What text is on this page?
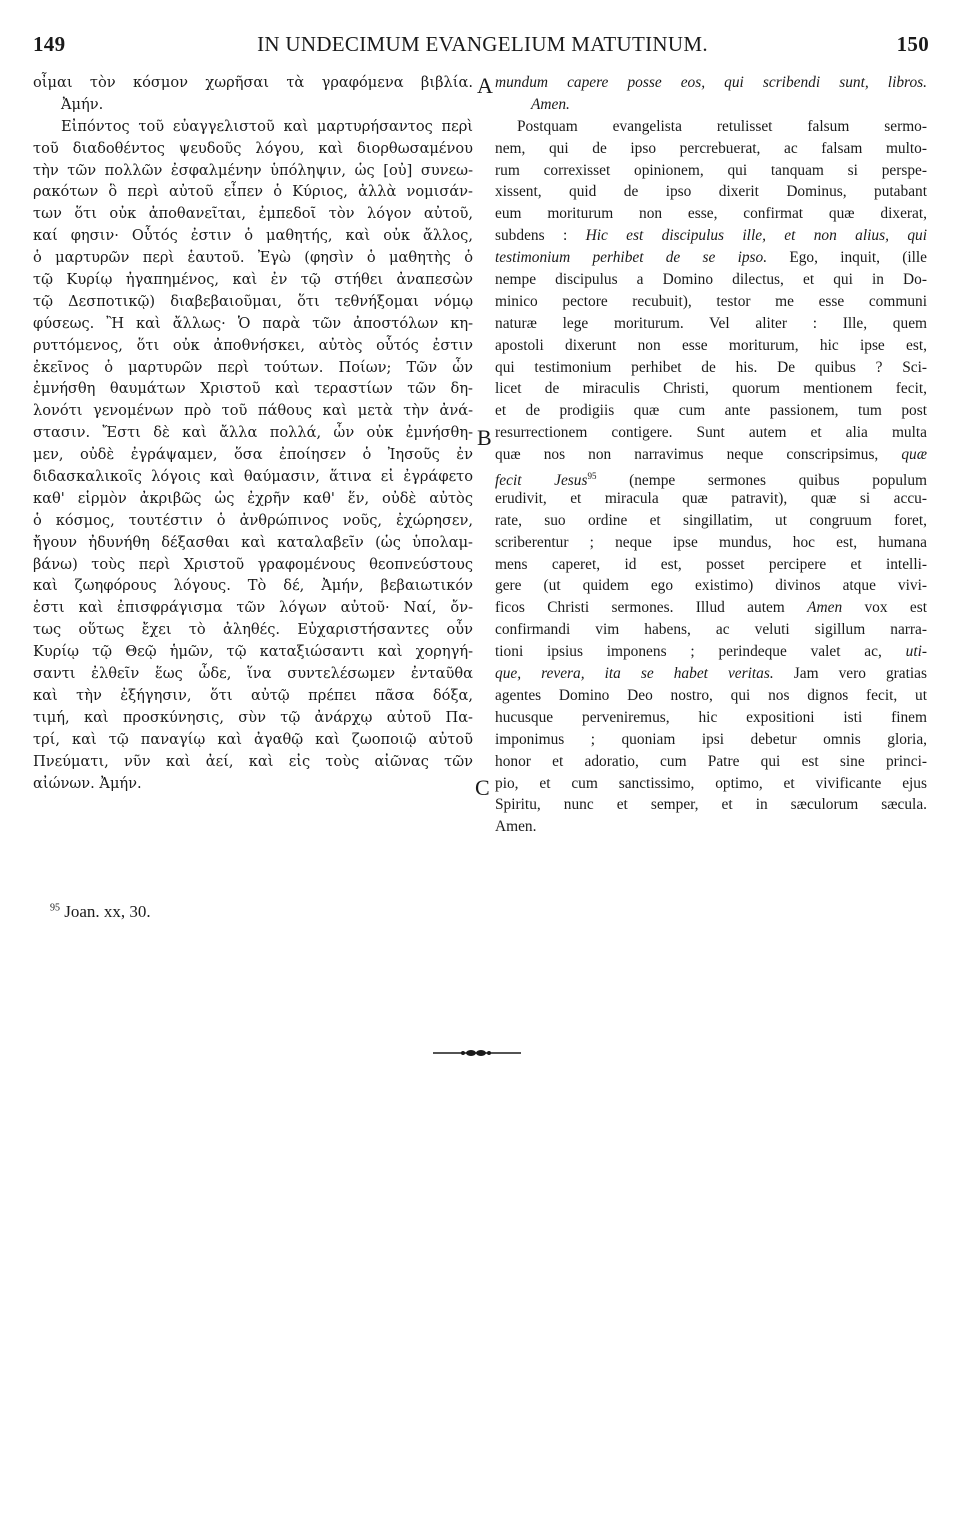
149	IN UNDECIMUM EVANGELIUM MATUTINUM.	150
A
B
C
οἶμαι τὸν κόσμον χωρῆσαι τὰ γραφόμενα βιβλία.
Ἀμήν.
Εἰπόντος τοῦ εὐαγγελιστοῦ καὶ μαρτυρήσαντος περὶ
τοῦ διαδοθέντος ψευδοῦς λόγου, καὶ διορθωσαμένου
τὴν τῶν πολλῶν ἐσφαλμένην ὑπόληψιν, ὡς [οὐ] συνεω-
ρακότων ὃ περὶ αὐτοῦ εἶπεν ὁ Κύριος, ἀλλὰ νομισάν-
των ὅτι οὐκ ἀποθανεῖται, ἐμπεδοῖ τὸν λόγον αὐτοῦ,
καί φησιν· Οὗτός ἐστιν ὁ μαθητής, καὶ οὐκ ἄλλος,
ὁ μαρτυρῶν περὶ ἑαυτοῦ. Ἐγὼ (φησὶν ὁ μαθητὴς ὁ
τῷ Κυρίῳ ἠγαπημένος, καὶ ἐν τῷ στήθει ἀναπεσὼν
τῷ Δεσποτικῷ) διαβεβαιοῦμαι, ὅτι τεθνήξομαι νόμῳ
φύσεως. Ἢ καὶ ἄλλως· Ὁ παρὰ τῶν ἀποστόλων κη-
ρυττόμενος, ὅτι οὐκ ἀποθνήσκει, αὐτὸς οὗτός ἐστιν
ἐκεῖνος ὁ μαρτυρῶν περὶ τούτων. Ποίων; Τῶν ὧν
ἐμνήσθη θαυμάτων Χριστοῦ καὶ τεραστίων τῶν δη-
λονότι γενομένων πρὸ τοῦ πάθους καὶ μετὰ τὴν ἀνά-
στασιν. Ἔστι δὲ καὶ ἄλλα πολλά, ὧν οὐκ ἐμνήσθη-
μεν, οὐδὲ ἐγράψαμεν, ὅσα ἐποίησεν ὁ Ἰησοῦς ἐν
διδασκαλικοῖς λόγοις καὶ θαύμασιν, ἅτινα εἰ ἐγράφετο
καθ' εἱρμὸν ἀκριβῶς ὡς ἐχρῆν καθ' ἕν, οὐδὲ αὐτὸς
ὁ κόσμος, τουτέστιν ὁ ἀνθρώπινος νοῦς, ἐχώρησεν,
ἤγουν ἠδυνήθη δέξασθαι καὶ καταλαβεῖν (ὡς ὑπολαμ-
βάνω) τοὺς περὶ Χριστοῦ γραφομένους θεοπνεύστους
καὶ ζωηφόρους λόγους. Τὸ δέ, Ἀμήν, βεβαιωτικόν
ἐστι καὶ ἐπισφράγισμα τῶν λόγων αὐτοῦ· Ναί, ὄν-
τως οὕτως ἔχει τὸ ἀληθές. Εὐχαριστήσαντες οὖν
Κυρίῳ τῷ Θεῷ ἡμῶν, τῷ καταξιώσαντι καὶ χορηγή-
σαντι ἐλθεῖν ἕως ὧδε, ἵνα συντελέσωμεν ἐνταῦθα
καὶ τὴν ἐξήγησιν, ὅτι αὐτῷ πρέπει πᾶσα δόξα,
τιμή, καὶ προσκύνησις, σὺν τῷ ἀνάρχῳ αὐτοῦ Πα-
τρί, καὶ τῷ παναγίῳ καὶ ἀγαθῷ καὶ ζωοποιῷ αὐτοῦ
Πνεύματι, νῦν καὶ ἀεί, καὶ εἰς τοὺς αἰῶνας τῶν
αἰώνων. Ἀμήν.
mundum capere posse eos, qui scribendi sunt, libros.
Amen.
Postquam evangelista retulisset falsum sermo-
nem, qui de ipso percrebuerat, ac falsam multo-
rum correxisset opinionem, qui tanquam si perspe-
xissent, quid de ipso dixerit Dominus, putabant
eum moriturum non esse, confirmat quæ dixerat,
subdens : Hic est discipulus ille, et non alius, qui
testimonium perhibet de se ipso. Ego, inquit, (ille
nempe discipulus a Domino dilectus, et qui in Do-
minico pectore recubuit), testor me esse communi
naturæ lege moriturum. Vel aliter : Ille, quem
apostoli dixerunt non esse moriturum, hic ipse est,
qui testimonium perhibet de his. De quibus ? Sci-
licet de miraculis Christi, quorum mentionem fecit,
et de prodigiis quæ cum ante passionem, tum post
resurrectionem contigere. Sunt autem et alia multa
quæ nos non narravimus neque conscripsimus, quæ
fecit Jesus$^{95}$ (nempe sermones quibus populum
erudivit, et miracula quæ patravit), quæ si accu-
rate, suo ordine et singillatim, ut congruum foret,
scriberentur ; neque ipse mundus, hoc est, humana
mens caperet, id est, posset percipere et intelli-
gere (ut quidem ego existimo) divinos atque vivi-
ficos Christi sermones. Illud autem Amen vox est
confirmandi vim habens, ac veluti sigillum narra-
tioni ipsius imponens ; perindeque valet ac, uti-
que, revera, ita se habet veritas. Jam vero gratias
agentes Domino Deo nostro, qui nos dignos fecit, ut
hucusque perveniremus, hic expositioni isti finem
imponimus ; quoniam ipsi debetur omnis gloria,
honor et adoratio, cum Patre qui est sine princi-
pio, et cum sanctissimo, optimo, et vivificante ejus
Spiritu, nunc et semper, et in sæculorum sæcula.
Amen.
$^{95}$ Joan. xx, 30.
